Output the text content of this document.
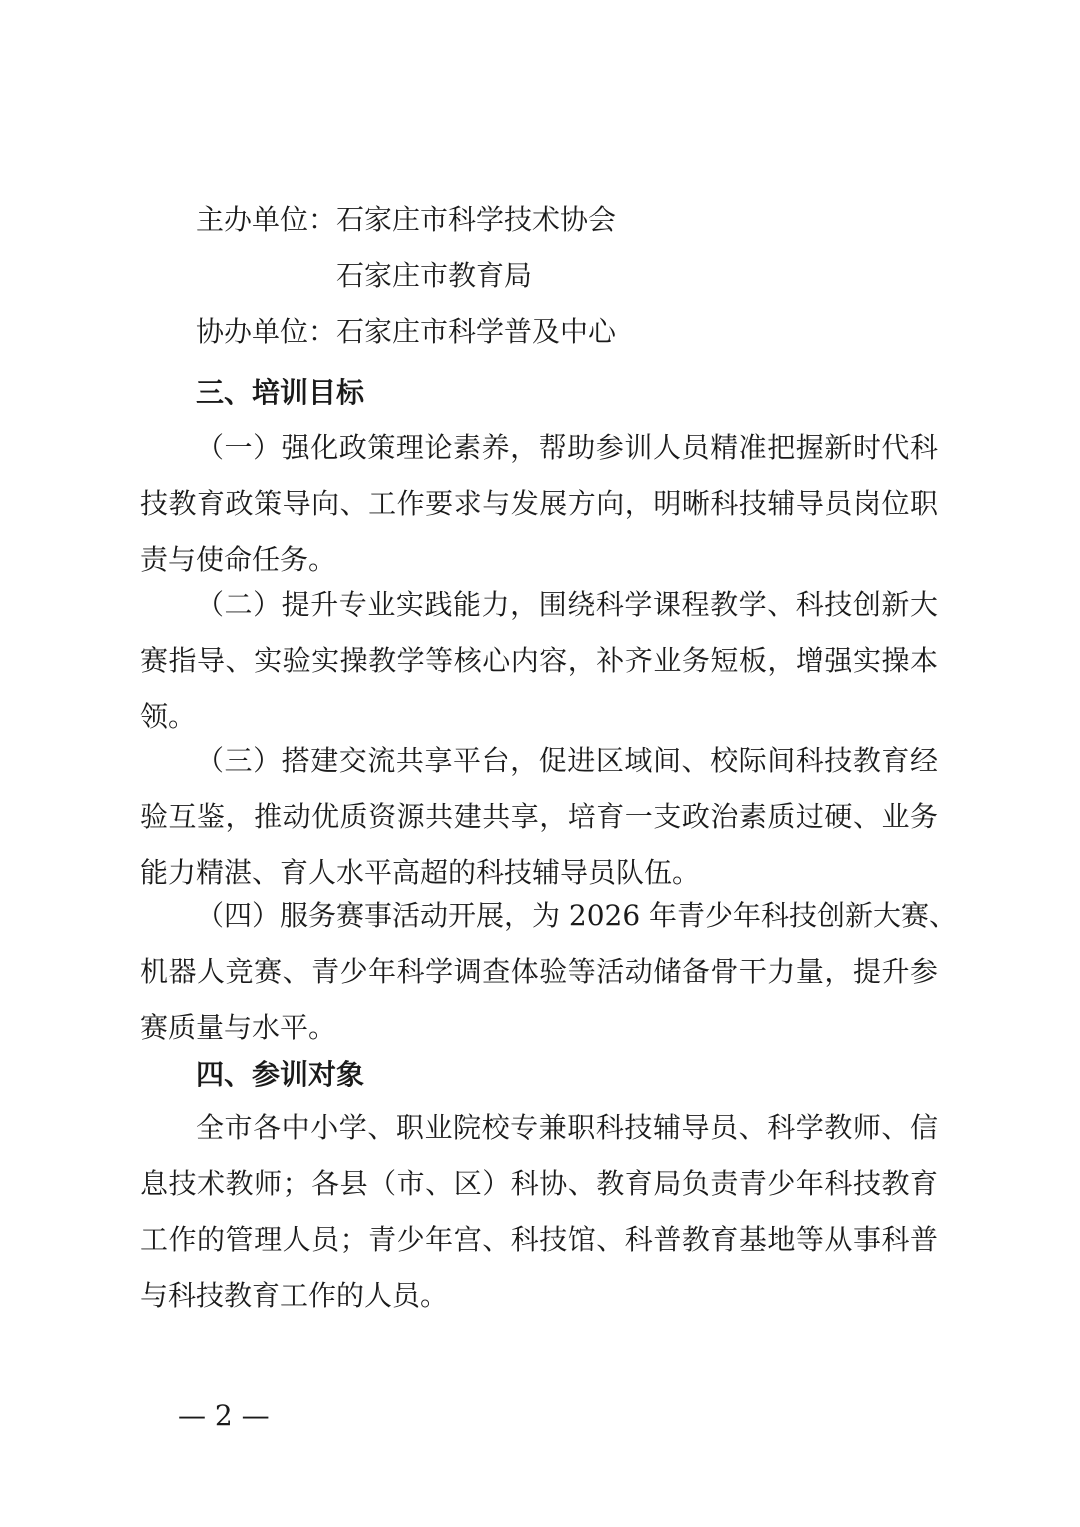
主办单位： 石家庄市科学技术协会
石家庄市教育局
协办单位： 石家庄市科学普及中心
三、培训目标
（一）强化政策理论素养，帮助参训人员精准把握新时代科
技教育政策导向、工作要求与发展方向，明晰科技辅导员岗位职
责与使命任务。
（二）提升专业实践能力，围绕科学课程教学、科技创新大
赛指导、实验实操教学等核心内容，补齐业务短板，增强实操本
领。
（三）搭建交流共享平台，促进区域间、校际间科技教育经
验互鉴，推动优质资源共建共享，培育一支政治素质过硬、业务
能力精湛、育人水平高超的科技辅导员队伍。
（四）服务赛事活动开展，为 2026 年青少年科技创新大赛、
机器人竞赛、青少年科学调查体验等活动储备骨干力量，提升参
赛质量与水平。
四、参训对象
全市各中小学、职业院校专兼职科技辅导员、科学教师、信
息技术教师；各县（市、区）科协、教育局负责青少年科技教育
工作的管理人员；青少年宫、科技馆、科普教育基地等从事科普
与科技教育工作的人员。
— 2 —
